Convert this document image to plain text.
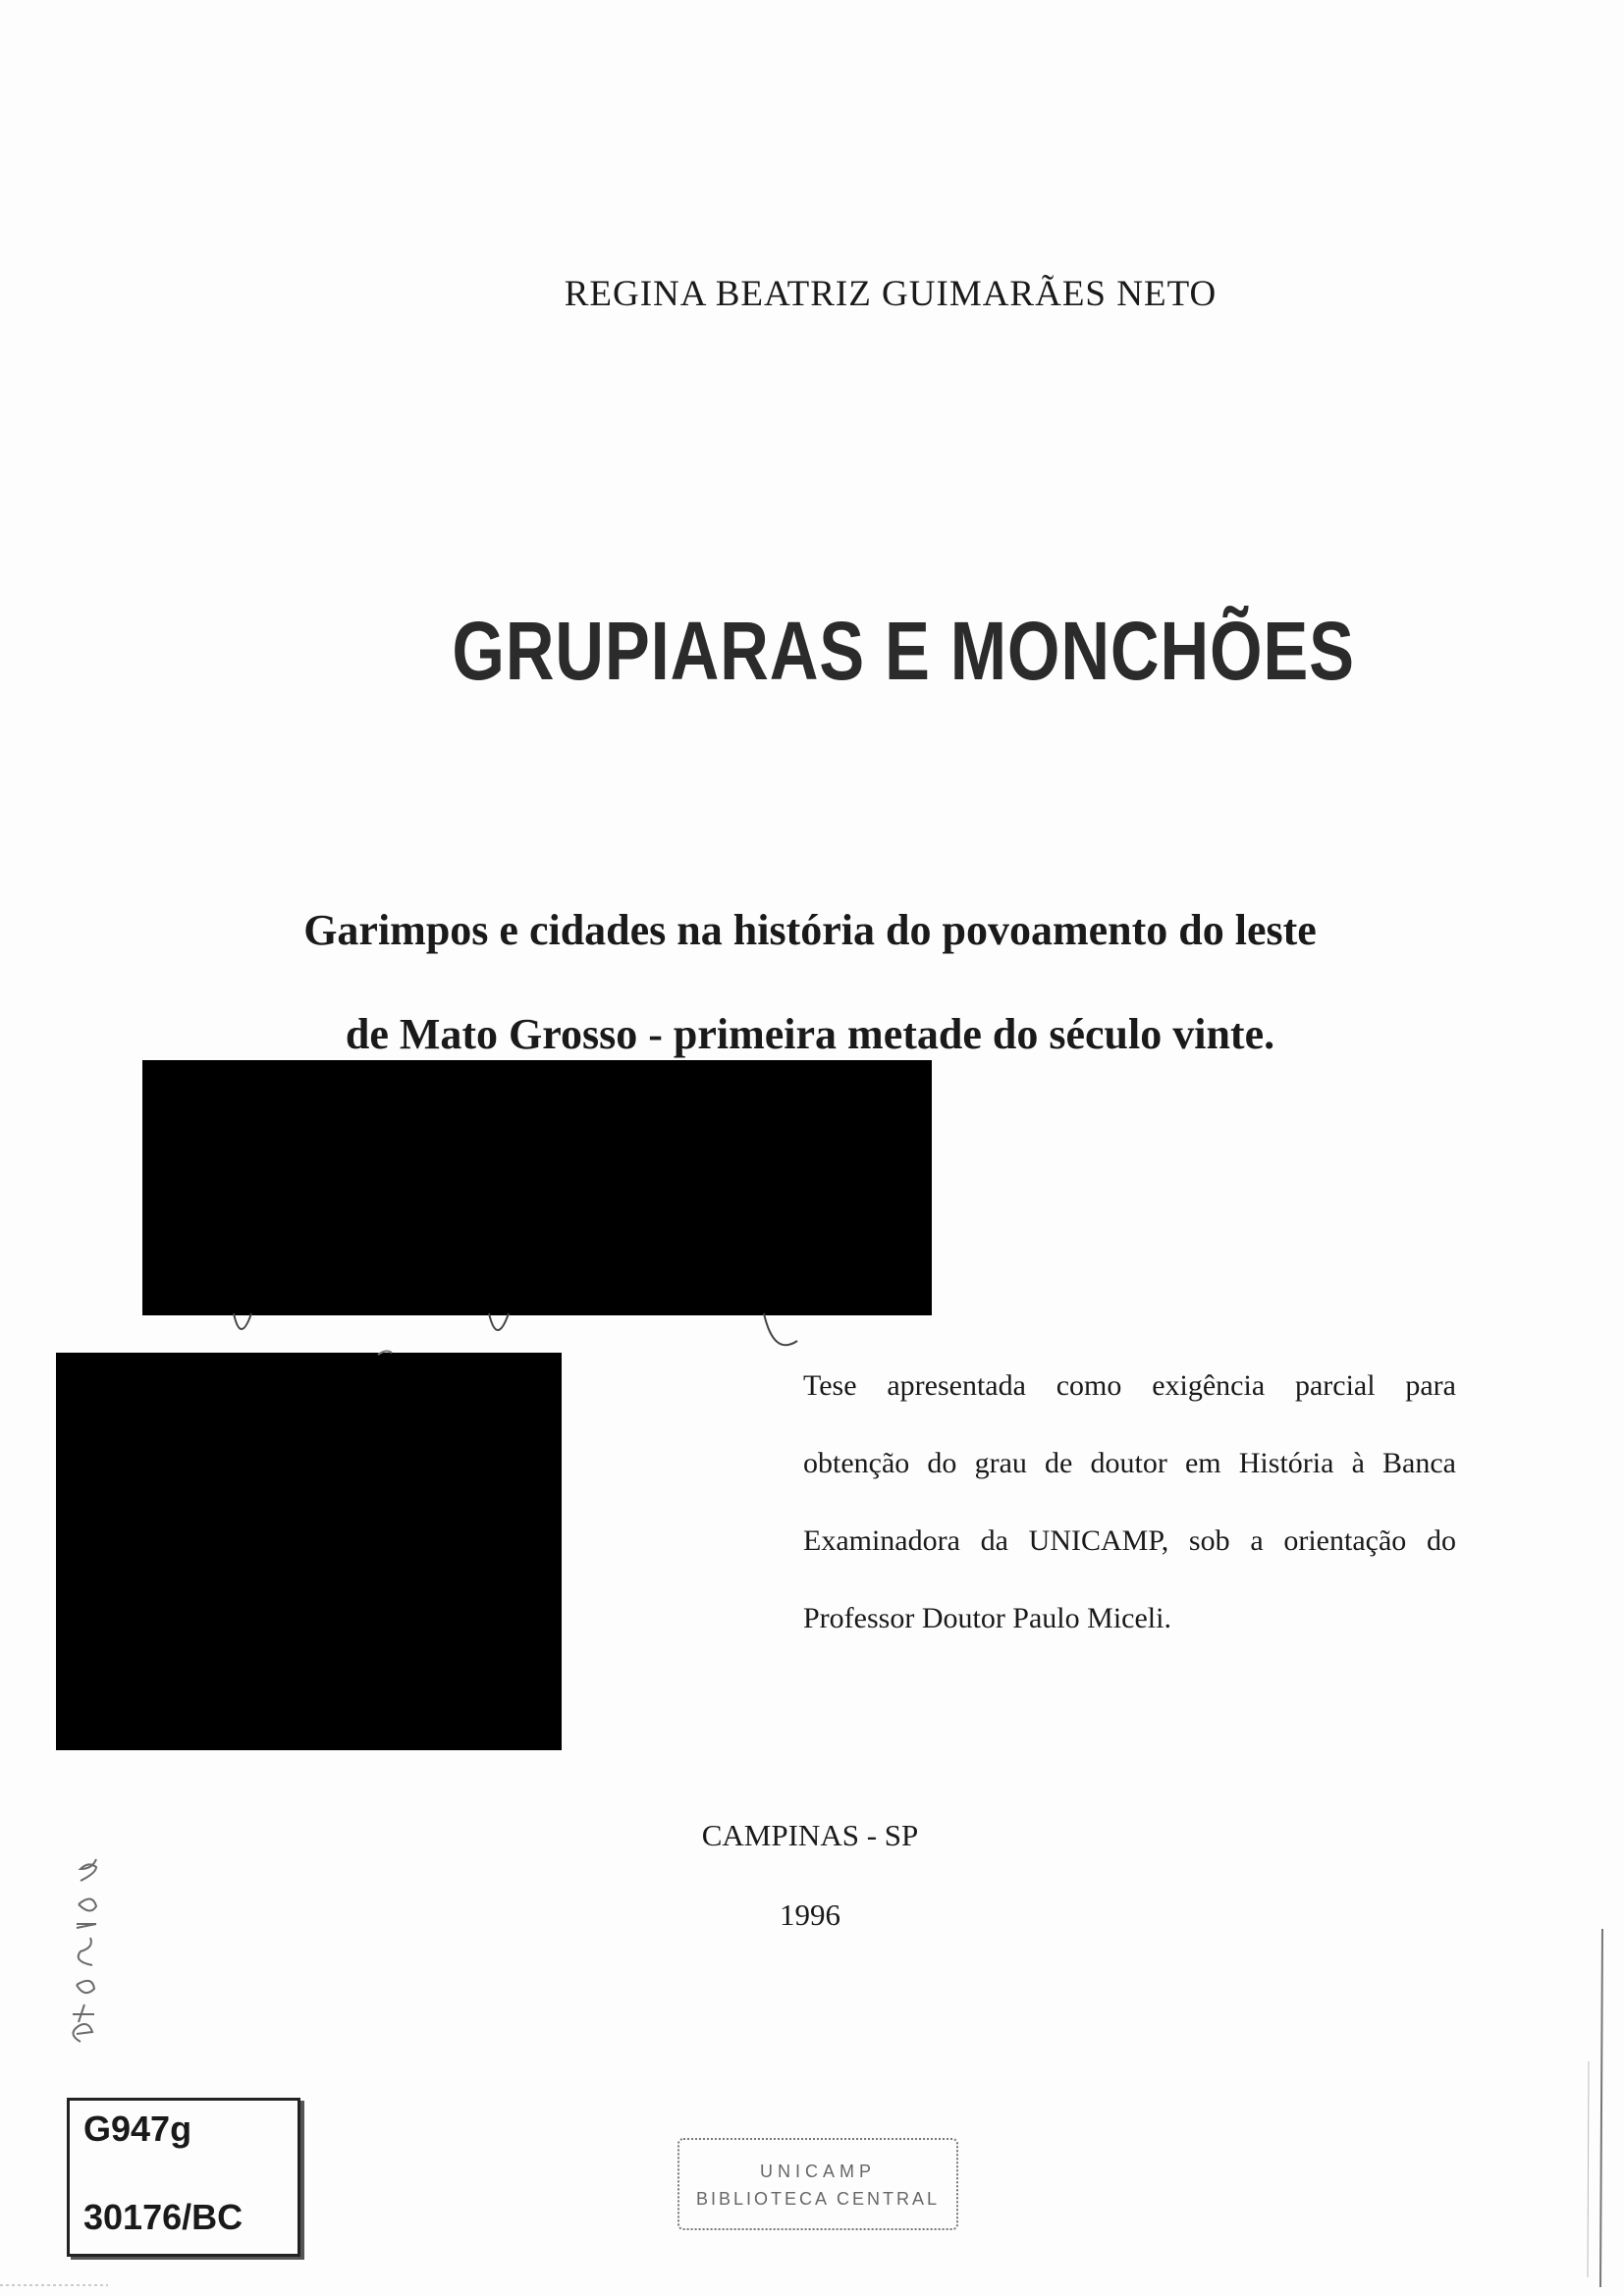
REGINA BEATRIZ GUIMARÃES NETO
GRUPIARAS E MONCHÕES
Garimpos e cidades na história do povoamento do leste
de Mato Grosso - primeira metade do século vinte.
Tese apresentada como exigência parcial para
obtenção do grau de doutor em História à Banca
Examinadora da UNICAMP, sob a orientação do
Professor Doutor Paulo Miceli.
CAMPINAS - SP
1996
G947g
30176/BC
UNICAMP
BIBLIOTECA CENTRAL
